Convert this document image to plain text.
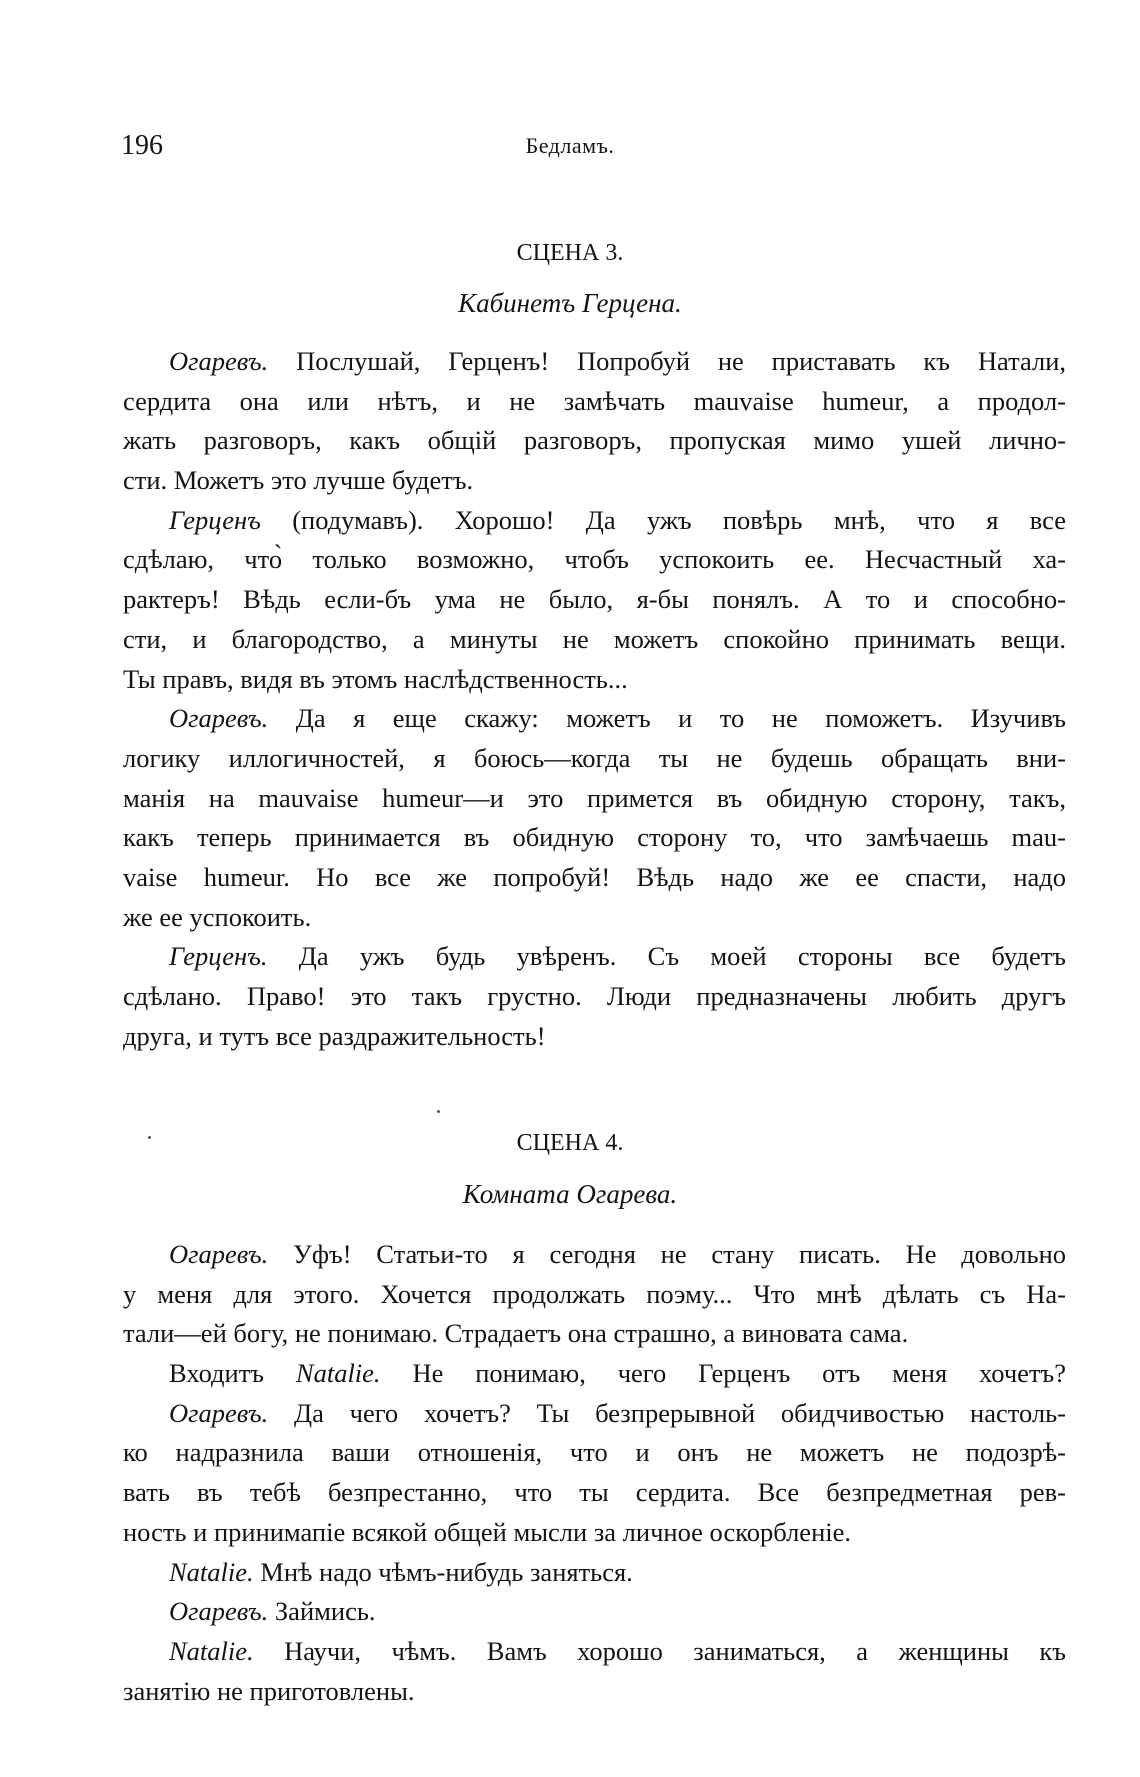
196	Бедламъ.
СЦЕНА 3.
Кабинетъ Герцена.
Огаревъ. Послушай, Герценъ! Попробуй не приставать къ Натали,
сердита она или нѣтъ, и не замѣчать mauvaise humeur, а продол-
жать разговоръ, какъ общій разговоръ, пропуская мимо ушей лично-
сти. Можетъ это лучше будетъ.
Герценъ (подумавъ). Хорошо! Да ужъ повѣрь мнѣ, что я все
сдѣлаю, что̀ только возможно, чтобъ успокоить ее. Несчастный ха-
рактеръ! Вѣдь если-бъ ума не было, я-бы понялъ. А то и способно-
сти, и благородство, а минуты не можетъ спокойно принимать вещи.
Ты правъ, видя въ этомъ наслѣдственность...
Огаревъ. Да я еще скажу: можетъ и то не поможетъ. Изучивъ
логику иллогичностей, я боюсь—когда ты не будешь обращать вни-
манія на mauvaise humeur—и это примется въ обидную сторону, такъ,
какъ теперь принимается въ обидную сторону то, что замѣчаешь mau-
vaise humeur. Но все же попробуй! Вѣдь надо же ее спасти, надо
же ее успокоить.
Герценъ. Да ужъ будь увѣренъ. Съ моей стороны все будетъ
сдѣлано. Право! это такъ грустно. Люди предназначены любить другъ
друга, и тутъ все раздражительность!
СЦЕНА 4.
Комната Огарева.
Огаревъ. Уфъ! Статьи-то я сегодня не стану писать. Не довольно
у меня для этого. Хочется продолжать поэму... Что мнѣ дѣлать съ На-
тали—ей богу, не понимаю. Страдаетъ она страшно, а виновата сама.
Входитъ Natalie. Не понимаю, чего Герценъ отъ меня хочетъ?
Огаревъ. Да чего хочетъ? Ты безпрерывной обидчивостью настоль-
ко надразнила ваши отношенія, что и онъ не можетъ не подозрѣ-
вать въ тебѣ безпрестанно, что ты сердита. Все безпредметная рев-
ность и принимапіе всякой общей мысли за личное оскорбленіе.
Natalie. Мнѣ надо чѣмъ-нибудь заняться.
Огаревъ. Займись.
Natalie. Научи, чѣмъ. Вамъ хорошо заниматься, а женщины къ
занятію не приготовлены.
